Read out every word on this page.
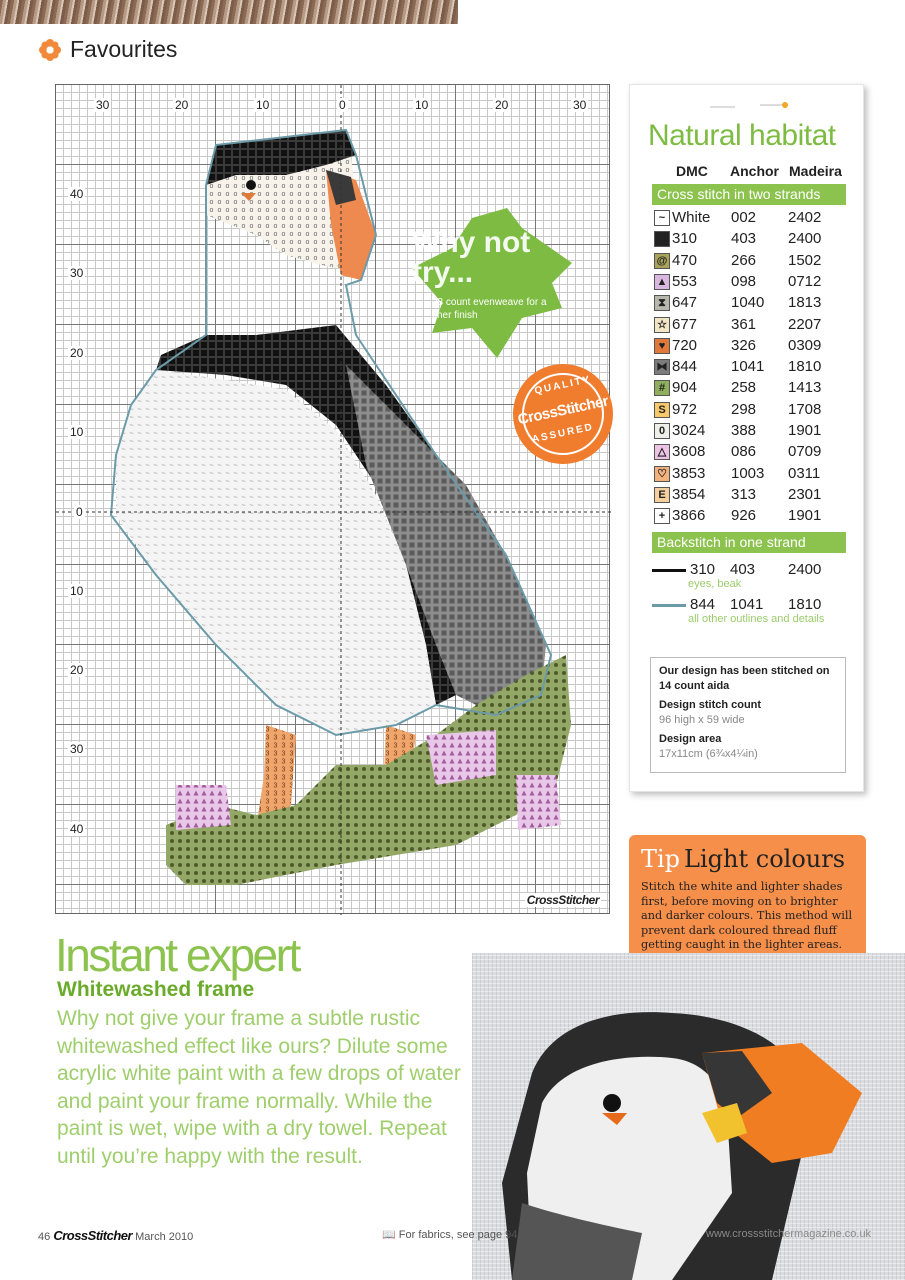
Favourites
30	20	10	0	10	20	30
40
30
20
10
0
10
20
30
40
CrossStitcher
Why not try...
28 count evenweave for a finer finish
QUALITY
CrossStitcher
ASSURED
Natural habitat
DMC Anchor Madeira
Cross stitch in two strands
~ White 002 2402
310 403 2400
@ 470 266 1502
▲ 553 098 0712
⧗ 647 1040 1813
☆ 677 361 2207
♥ 720 326 0309
⧓ 844 1041 1810
# 904 258 1413
S 972 298 1708
0 3024 388 1901
△ 3608 086 0709
♡ 3853 1003 0311
E 3854 313 2301
+ 3866 926 1901
Backstitch in one strand
310 403 2400
eyes, beak
844 1041 1810
all other outlines and details
Our design has been stitched on 14 count aida
Design stitch count
96 high x 59 wide
Design area
17x11cm (6¾x4¼in)
Tip Light colours
Stitch the white and lighter shades first, before moving on to brighter and darker colours. This method will prevent dark coloured thread fluff getting caught in the lighter areas.
Instant expert
Whitewashed frame
Why not give your frame a subtle rustic whitewashed effect like ours? Dilute some acrylic white paint with a few drops of water and paint your frame normally. While the paint is wet, wipe with a dry towel. Repeat until you’re happy with the result.
46 CrossStitcher March 2010	📖 For fabrics, see page 94	www.crossstitchermagazine.co.uk
